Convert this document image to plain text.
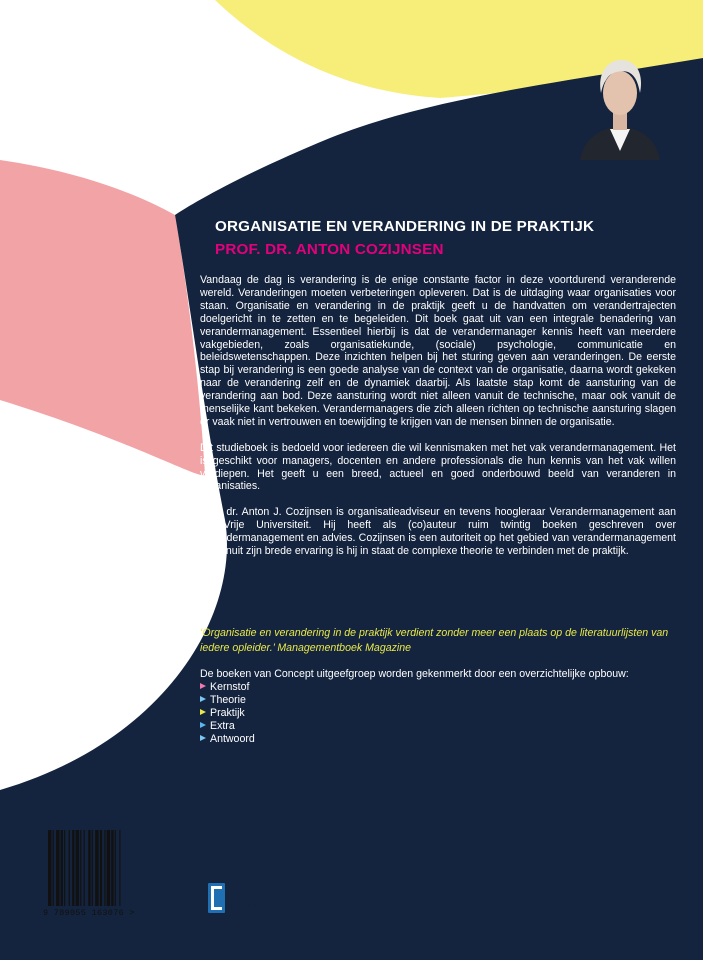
ORGANISATIE EN VERANDERING IN DE PRAKTIJK
PROF. DR. ANTON COZIJNSEN

Vandaag de dag is verandering is de enige constante factor in deze voortdurend veranderende wereld. Veranderingen moeten verbeteringen opleveren. Dat is de uitdaging waar organisaties voor staan. Organisatie en verandering in de praktijk geeft u de handvatten om verandertrajecten doelgericht in te zetten en te begeleiden. Dit boek gaat uit van een integrale benadering van verandermanagement. Essentieel hierbij is dat de verandermanager kennis heeft van meerdere vakgebieden, zoals organisatiekunde, (sociale) psychologie, communicatie en beleidswetenschappen. Deze inzichten helpen bij het sturing geven aan veranderingen. De eerste stap bij verandering is een goede analyse van de context van de organisatie, daarna wordt gekeken naar de verandering zelf en de dynamiek daarbij. Als laatste stap komt de aansturing van de verandering aan bod. Deze aansturing wordt niet alleen vanuit de technische, maar ook vanuit de menselijke kant bekeken. Verandermanagers die zich alleen richten op technische aansturing slagen er vaak niet in vertrouwen en toewijding te krijgen van de mensen binnen de organisatie.

Dit studieboek is bedoeld voor iedereen die wil kennismaken met het vak verandermanagement. Het is geschikt voor managers, docenten en andere professionals die hun kennis van het vak willen verdiepen. Het geeft u een breed, actueel en goed onderbouwd beeld van veranderen in organisaties.

Prof. dr. Anton J. Cozijnsen is organisatieadviseur en tevens hoogleraar Verandermanagement aan de Vrije Universiteit. Hij heeft als (co)auteur ruim twintig boeken geschreven over verandermanagement en advies. Cozijnsen is een autoriteit op het gebied van verandermanagement en vanuit zijn brede ervaring is hij in staat de complexe theorie te verbinden met de praktijk.

‘Organisatie en verandering in de praktijk verdient zonder meer een plaats op de literatuurlijsten van iedere opleider.’ Managementboek Magazine
De boeken van Concept uitgeefgroep worden gekenmerkt door een overzichtelijke opbouw:
Kernstof
Theorie
Praktijk
Extra
Antwoord
9 789055 163076 >
Concept
uitgeefgroep
